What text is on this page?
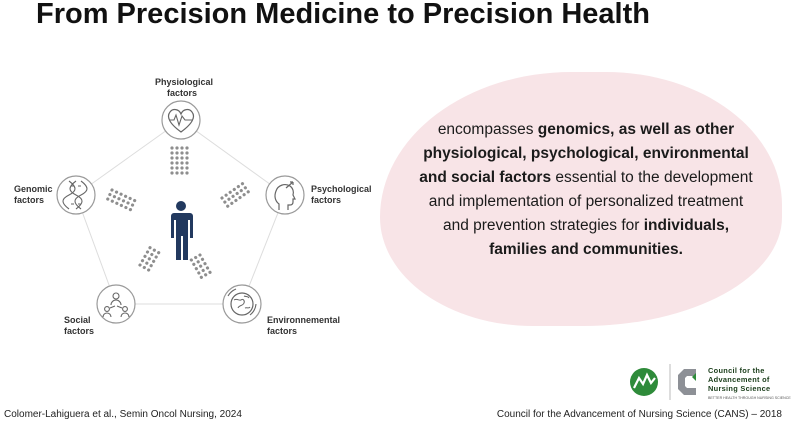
From Precision Medicine to Precision Health
Physiological
factors
Psychological
factors
Environnemental
factors
Social
factors
Genomic
factors
encompasses genomics, as well as other physiological, psychological, environmental and social factors essential to the development and implementation of personalized treatment and prevention strategies for individuals, families and communities.
Council for the
Advancement of
Nursing Science
BETTER HEALTH THROUGH NURSING SCIENCE
Colomer-Lahiguera et al., Semin Oncol Nursing, 2024	Council for the Advancement of Nursing Science (CANS) – 2018
